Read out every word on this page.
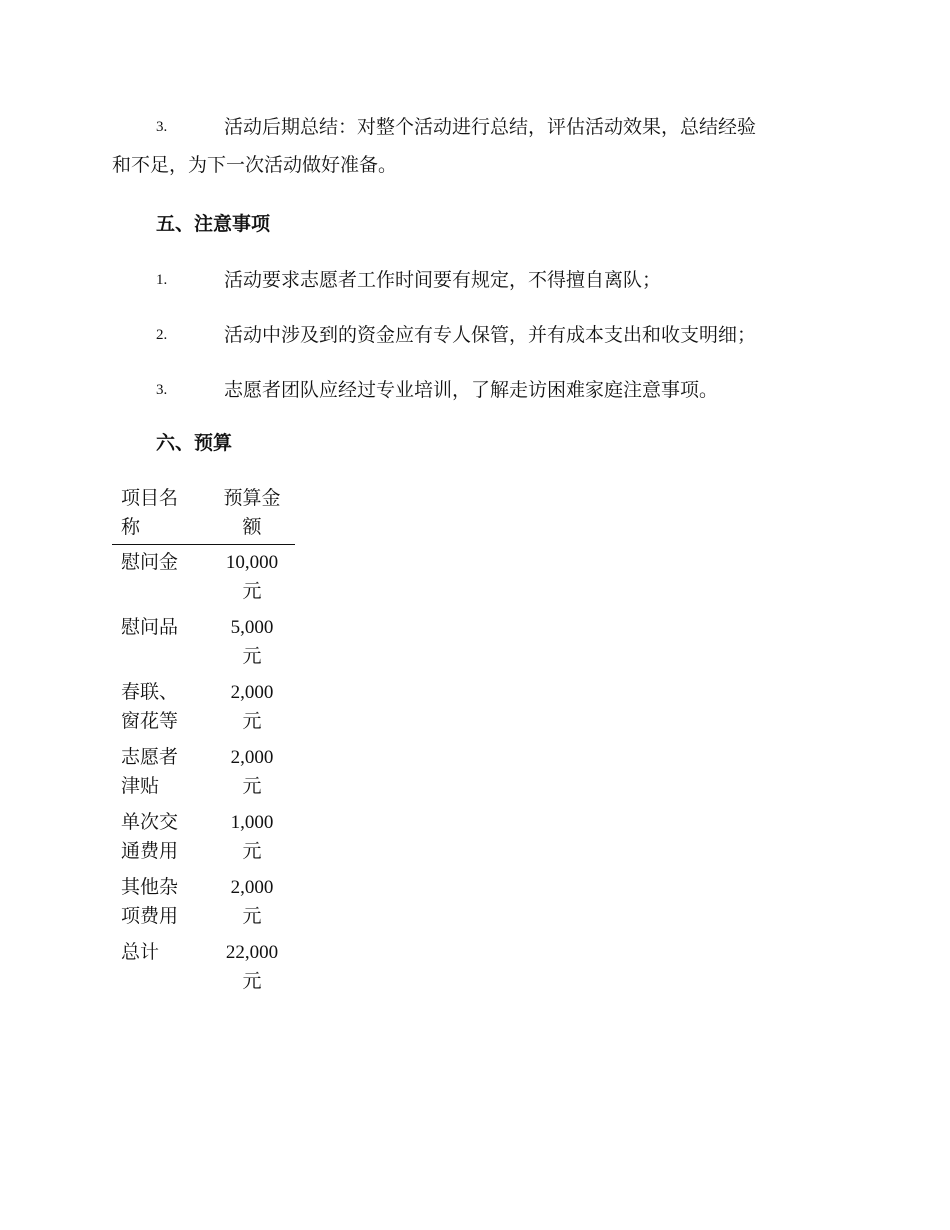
3.	活动后期总结：对整个活动进行总结，评估活动效果，总结经验
和不足，为下一次活动做好准备。
五、注意事项
1.	活动要求志愿者工作时间要有规定，不得擅自离队；
2.	活动中涉及到的资金应有专人保管，并有成本支出和收支明细；
3.	志愿者团队应经过专业培训，了解走访困难家庭注意事项。
六、预算
项目名称	预算金额

慰问金	10,000
元

慰问品	5,000
元

春联、窗花等	2,000
元

志愿者津贴	2,000
元

单次交通费用	1,000
元

其他杂项费用	2,000
元

总计	22,000
元
